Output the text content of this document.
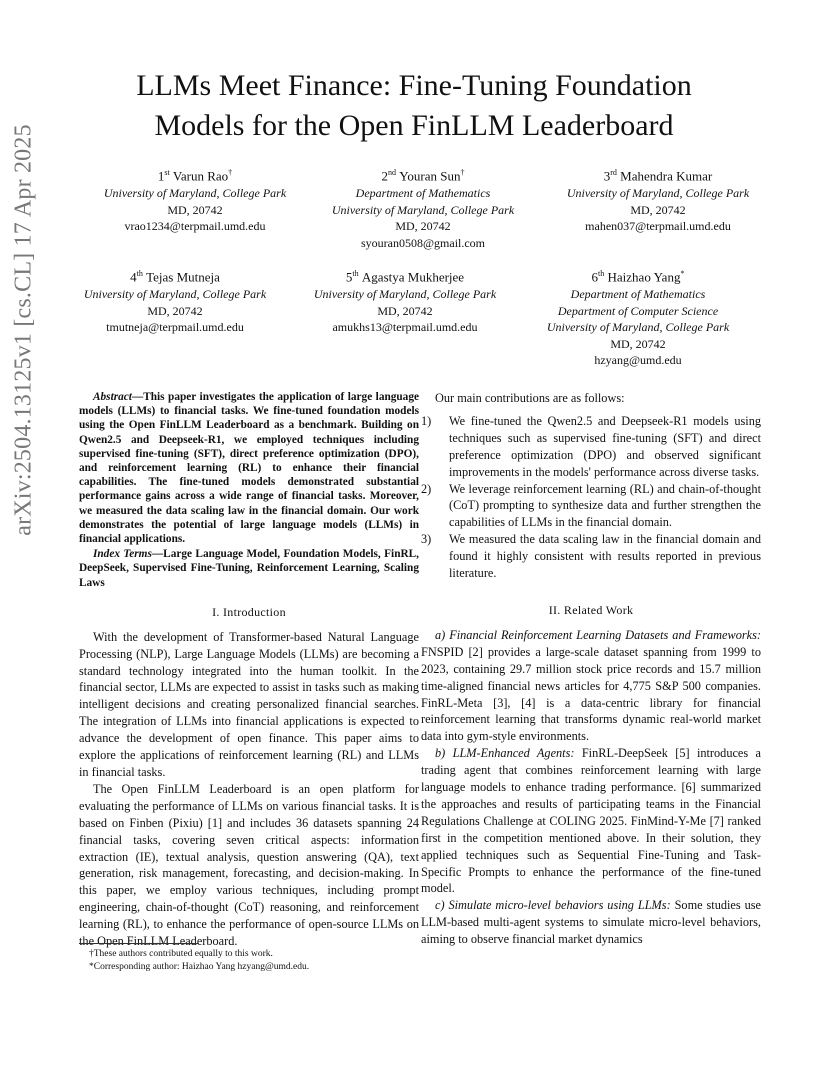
arXiv:2504.13125v1 [cs.CL] 17 Apr 2025
LLMs Meet Finance: Fine-Tuning Foundation
Models for the Open FinLLM Leaderboard
1st Varun Rao†
University of Maryland, College Park
MD, 20742
vrao1234@terpmail.umd.edu
2nd Youran Sun†
Department of Mathematics
University of Maryland, College Park
MD, 20742
syouran0508@gmail.com
3rd Mahendra Kumar
University of Maryland, College Park
MD, 20742
mahen037@terpmail.umd.edu
4th Tejas Mutneja
University of Maryland, College Park
MD, 20742
tmutneja@terpmail.umd.edu
5th Agastya Mukherjee
University of Maryland, College Park
MD, 20742
amukhs13@terpmail.umd.edu
6th Haizhao Yang*
Department of Mathematics
Department of Computer Science
University of Maryland, College Park
MD, 20742
hzyang@umd.edu

Abstract—This paper investigates the application of large language models (LLMs) to financial tasks. We fine-tuned foundation models using the Open FinLLM Leaderboard as a benchmark. Building on Qwen2.5 and Deepseek-R1, we employed techniques including supervised fine-tuning (SFT), direct preference optimization (DPO), and reinforcement learning (RL) to enhance their financial capabilities. The fine-tuned models demonstrated substantial performance gains across a wide range of financial tasks. Moreover, we measured the data scaling law in the financial domain. Our work demonstrates the potential of large language models (LLMs) in financial applications.

Index Terms—Large Language Model, Foundation Models, FinRL, DeepSeek, Supervised Fine-Tuning, Reinforcement Learning, Scaling Laws

I. Introduction

With the development of Transformer-based Natural Language Processing (NLP), Large Language Models (LLMs) are becoming a standard technology integrated into the human toolkit. In the financial sector, LLMs are expected to assist in tasks such as making intelligent decisions and creating personalized financial searches. The integration of LLMs into financial applications is expected to advance the development of open finance. This paper aims to explore the applications of reinforcement learning (RL) and LLMs in financial tasks.

The Open FinLLM Leaderboard is an open platform for evaluating the performance of LLMs on various financial tasks. It is based on Finben (Pixiu) [1] and includes 36 datasets spanning 24 financial tasks, covering seven critical aspects: information extraction (IE), textual analysis, question answering (QA), text generation, risk management, forecasting, and decision-making. In this paper, we employ various techniques, including prompt engineering, chain-of-thought (CoT) reasoning, and reinforcement learning (RL), to enhance the performance of open-source LLMs on the Open FinLLM Leaderboard.

†These authors contributed equally to this work.
*Corresponding author: Haizhao Yang hzyang@umd.edu.

Our main contributions are as follows:

1) We fine-tuned the Qwen2.5 and Deepseek-R1 models using techniques such as supervised fine-tuning (SFT) and direct preference optimization (DPO) and observed significant improvements in the models' performance across diverse tasks.
2) We leverage reinforcement learning (RL) and chain-of-thought (CoT) prompting to synthesize data and further strengthen the capabilities of LLMs in the financial domain.
3) We measured the data scaling law in the financial domain and found it highly consistent with results reported in previous literature.
II. Related Work

a) Financial Reinforcement Learning Datasets and Frameworks: FNSPID [2] provides a large-scale dataset spanning from 1999 to 2023, containing 29.7 million stock price records and 15.7 million time-aligned financial news articles for 4,775 S&P 500 companies. FinRL-Meta [3], [4] is a data-centric library for financial reinforcement learning that transforms dynamic real-world market data into gym-style environments.

b) LLM-Enhanced Agents: FinRL-DeepSeek [5] introduces a trading agent that combines reinforcement learning with large language models to enhance trading performance. [6] summarized the approaches and results of participating teams in the Financial Regulations Challenge at COLING 2025. FinMind-Y-Me [7] ranked first in the competition mentioned above. In their solution, they applied techniques such as Sequential Fine-Tuning and Task-Specific Prompts to enhance the performance of the fine-tuned model.

c) Simulate micro-level behaviors using LLMs: Some studies use LLM-based multi-agent systems to simulate micro-level behaviors, aiming to observe financial market dynamics
